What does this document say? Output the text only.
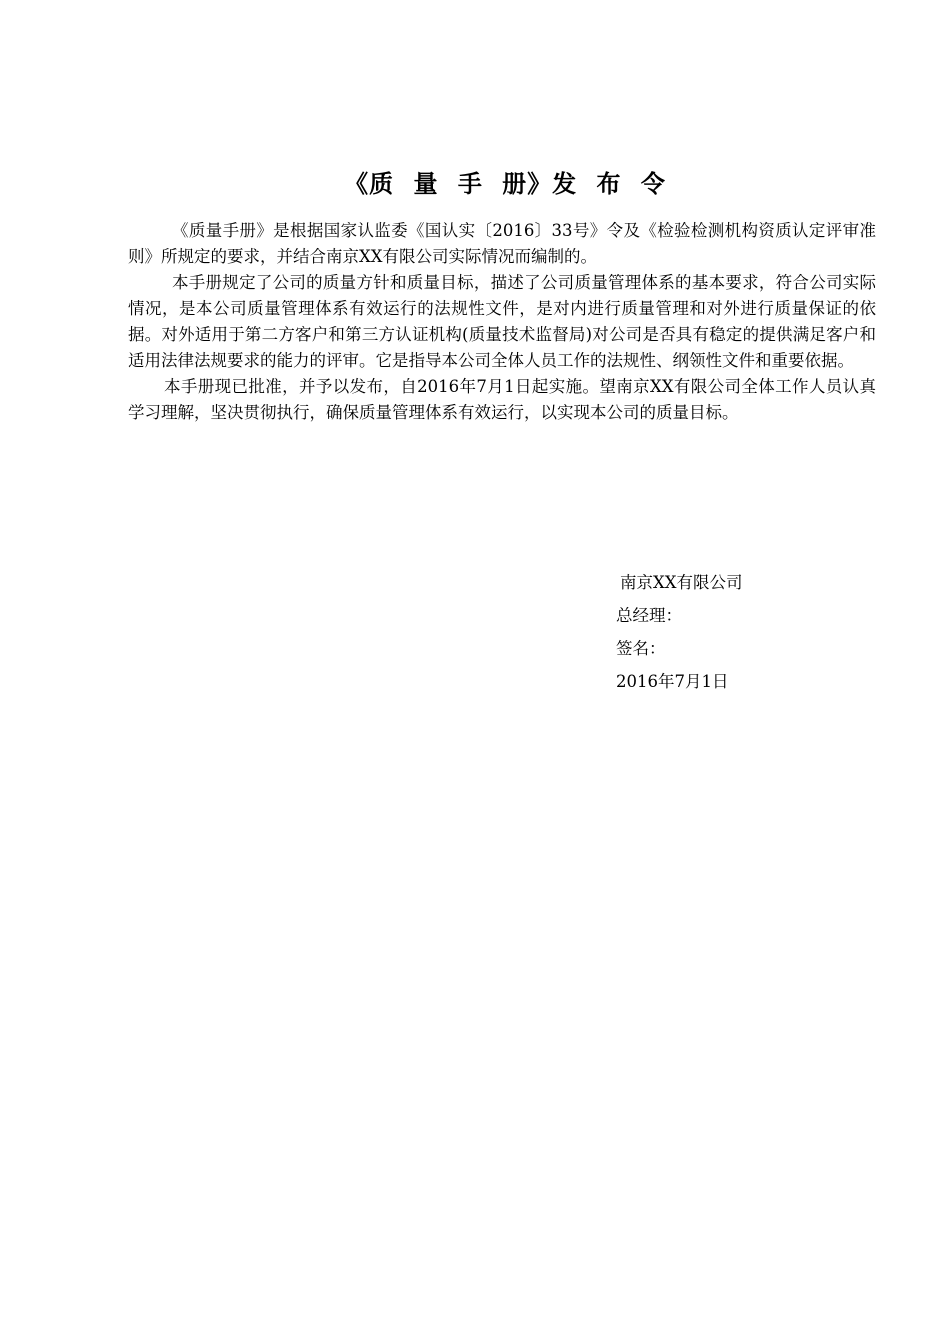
《质 量 手 册》发 布 令

《质量手册》是根据国家认监委《国认实〔2016〕33号》令及《检验检测机构资质认定评审准则》所规定的要求，并结合南京XX有限公司实际情况而编制的。

本手册规定了公司的质量方针和质量目标，描述了公司质量管理体系的基本要求，符合公司实际情况，是本公司质量管理体系有效运行的法规性文件，是对内进行质量管理和对外进行质量保证的依据。对外适用于第二方客户和第三方认证机构(质量技术监督局)对公司是否具有稳定的提供满足客户和适用法律法规要求的能力的评审。它是指导本公司全体人员工作的法规性、纲领性文件和重要依据。

本手册现已批准，并予以发布，自2016年7月1日起实施。望南京XX有限公司全体工作人员认真学习理解，坚决贯彻执行，确保质量管理体系有效运行，以实现本公司的质量目标。

南京XX有限公司
总经理：
签名：
2016年7月1日
